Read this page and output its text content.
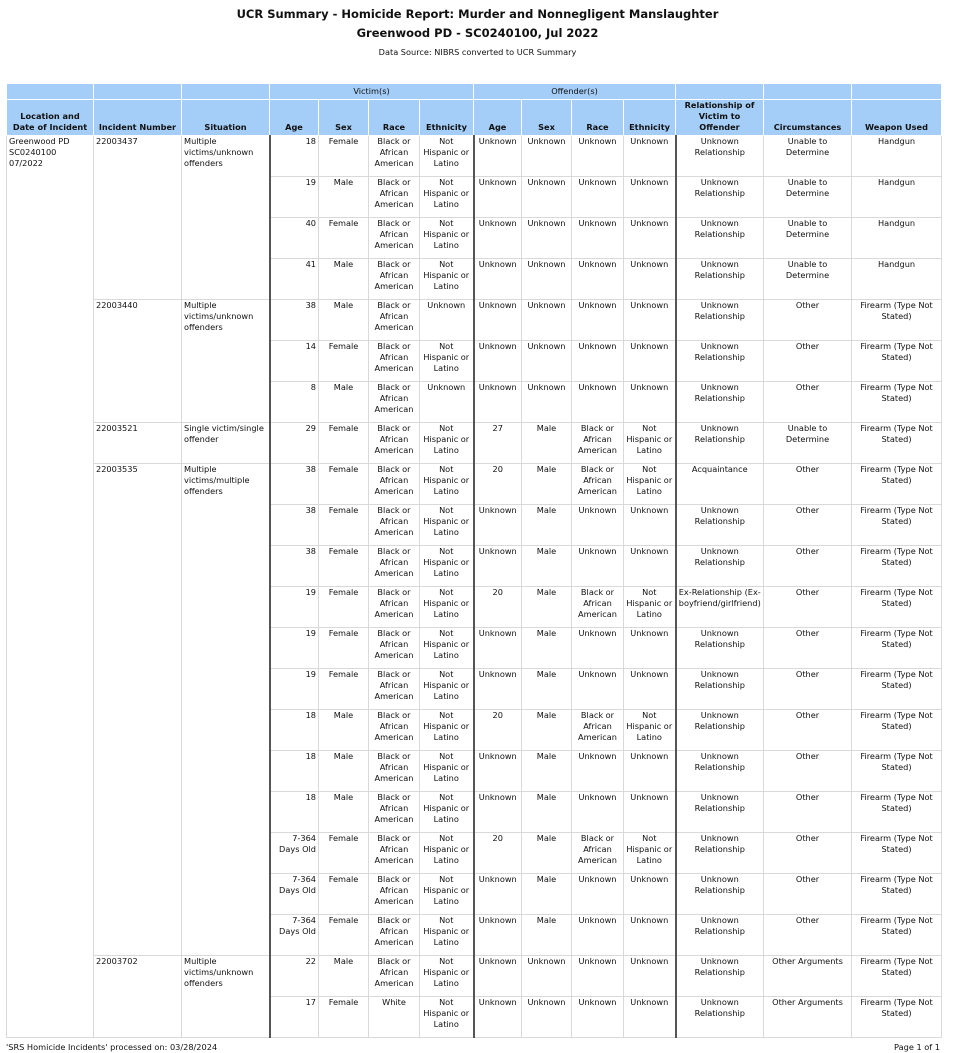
UCR Summary - Homicide Report: Murder and Nonnegligent Manslaughter
Greenwood PD - SC0240100, Jul 2022
Data Source: NIBRS converted to UCR Summary
			Victim(s)				Offender(s)						
Location and Date of Incident	Incident Number	Situation	Age	Sex	Race	Ethnicity	Age	Sex	Race	Ethnicity	Relationship of Victim to Offender	Circumstances	Weapon Used
Greenwood PD SC0240100 07/2022	22003437	Multiple victims/unknown offenders	18	Female	Black or African American	Not Hispanic or Latino	Unknown	Unknown	Unknown	Unknown	Unknown Relationship	Unable to Determine	Handgun
			19	Male	Black or African American	Not Hispanic or Latino	Unknown	Unknown	Unknown	Unknown	Unknown Relationship	Unable to Determine	Handgun
			40	Female	Black or African American	Not Hispanic or Latino	Unknown	Unknown	Unknown	Unknown	Unknown Relationship	Unable to Determine	Handgun
			41	Male	Black or African American	Not Hispanic or Latino	Unknown	Unknown	Unknown	Unknown	Unknown Relationship	Unable to Determine	Handgun
	22003440	Multiple victims/unknown offenders	38	Male	Black or African American	Unknown	Unknown	Unknown	Unknown	Unknown	Unknown Relationship	Other	Firearm (Type Not Stated)
			14	Female	Black or African American	Not Hispanic or Latino	Unknown	Unknown	Unknown	Unknown	Unknown Relationship	Other	Firearm (Type Not Stated)
			8	Male	Black or African American	Unknown	Unknown	Unknown	Unknown	Unknown	Unknown Relationship	Other	Firearm (Type Not Stated)
	22003521	Single victim/single offender	29	Female	Black or African American	Not Hispanic or Latino	27	Male	Black or African American	Not Hispanic or Latino	Unknown Relationship	Unable to Determine	Firearm (Type Not Stated)
	22003535	Multiple victims/multiple offenders	38	Female	Black or African American	Not Hispanic or Latino	20	Male	Black or African American	Not Hispanic or Latino	Acquaintance	Other	Firearm (Type Not Stated)
			38	Female	Black or African American	Not Hispanic or Latino	Unknown	Male	Unknown	Unknown	Unknown Relationship	Other	Firearm (Type Not Stated)
			38	Female	Black or African American	Not Hispanic or Latino	Unknown	Male	Unknown	Unknown	Unknown Relationship	Other	Firearm (Type Not Stated)
			19	Female	Black or African American	Not Hispanic or Latino	20	Male	Black or African American	Not Hispanic or Latino	Ex-Relationship (Ex-boyfriend/girlfriend)	Other	Firearm (Type Not Stated)
			19	Female	Black or African American	Not Hispanic or Latino	Unknown	Male	Unknown	Unknown	Unknown Relationship	Other	Firearm (Type Not Stated)
			19	Female	Black or African American	Not Hispanic or Latino	Unknown	Male	Unknown	Unknown	Unknown Relationship	Other	Firearm (Type Not Stated)
			18	Male	Black or African American	Not Hispanic or Latino	20	Male	Black or African American	Not Hispanic or Latino	Unknown Relationship	Other	Firearm (Type Not Stated)
			18	Male	Black or African American	Not Hispanic or Latino	Unknown	Male	Unknown	Unknown	Unknown Relationship	Other	Firearm (Type Not Stated)
			18	Male	Black or African American	Not Hispanic or Latino	Unknown	Male	Unknown	Unknown	Unknown Relationship	Other	Firearm (Type Not Stated)
			7-364 Days Old	Female	Black or African American	Not Hispanic or Latino	20	Male	Black or African American	Not Hispanic or Latino	Unknown Relationship	Other	Firearm (Type Not Stated)
			7-364 Days Old	Female	Black or African American	Not Hispanic or Latino	Unknown	Male	Unknown	Unknown	Unknown Relationship	Other	Firearm (Type Not Stated)
			7-364 Days Old	Female	Black or African American	Not Hispanic or Latino	Unknown	Male	Unknown	Unknown	Unknown Relationship	Other	Firearm (Type Not Stated)
	22003702	Multiple victims/unknown offenders	22	Male	Black or African American	Not Hispanic or Latino	Unknown	Unknown	Unknown	Unknown	Unknown Relationship	Other Arguments	Firearm (Type Not Stated)
			17	Female	White	Not Hispanic or Latino	Unknown	Unknown	Unknown	Unknown	Unknown Relationship	Other Arguments	Firearm (Type Not Stated)
'SRS Homicide Incidents' processed on: 03/28/2024	Page 1 of 1
